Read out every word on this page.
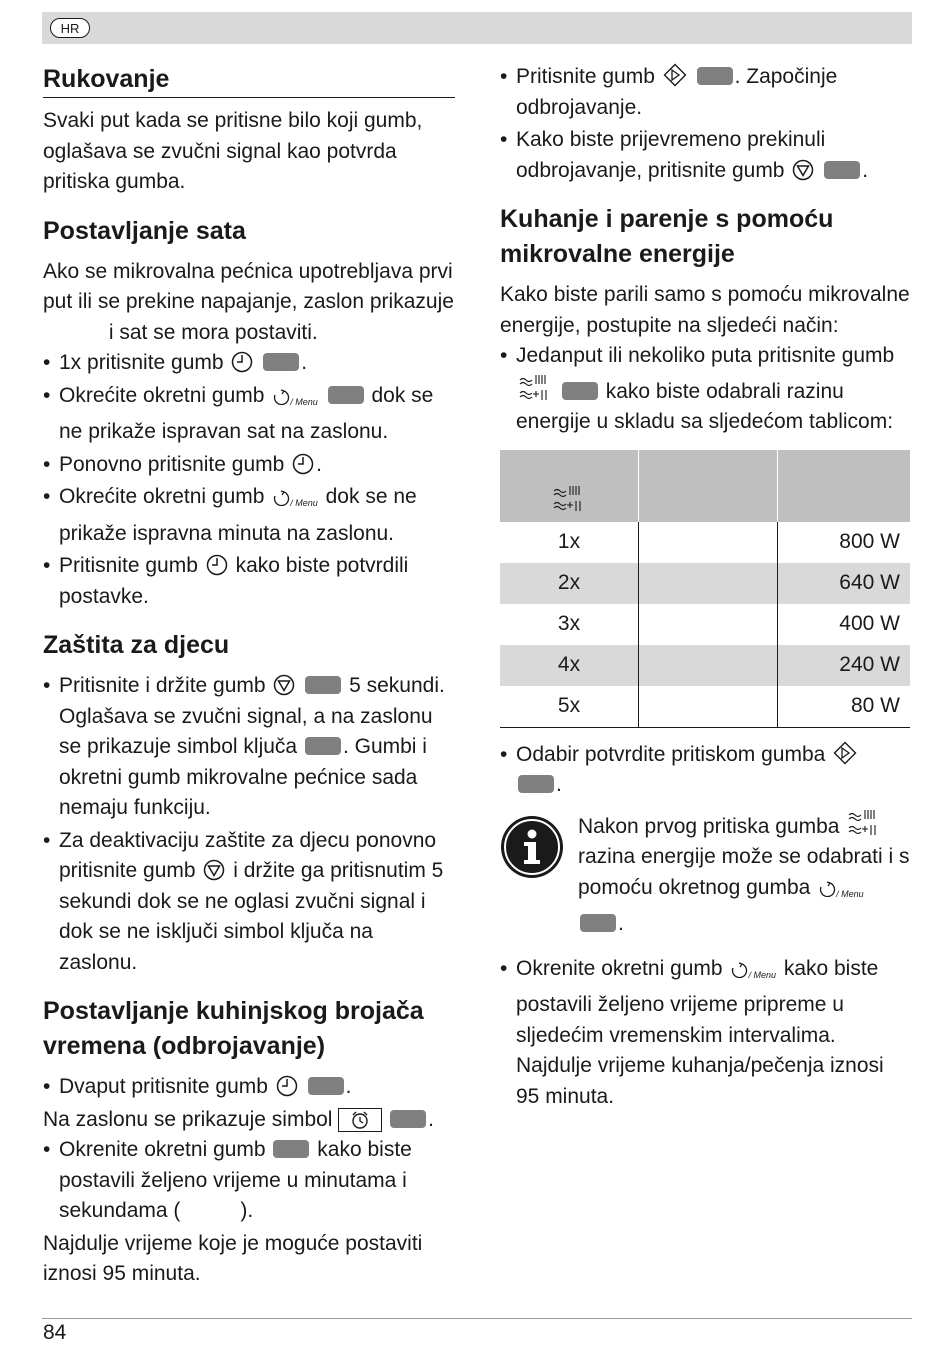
HR
Rukovanje

Svaki put kada se pritisne bilo koji gumb, oglašava se zvučni signal kao potvrda pritiska gumba.

Postavljanje sata

Ako se mikrovalna pećnica upotrebljava prvi put ili se prekine napajanje, zaslon prikazuje  i sat se mora postaviti.

• 1x pritisnite gumb	.
• Okrećite okretni gumb	/ Menu	dok se ne prikaže ispravan sat na zaslonu.
• Ponovno pritisnite gumb .
• Okrećite okretni gumb	/ Menu dok se ne prikaže ispravna minuta na zaslonu.
• Pritisnite gumb kako biste potvrdili postavke.
Zaštita za djecu
• Pritisnite i držite gumb	5 sekundi. Oglašava se zvučni signal, a na zaslonu se prikazuje simbol ključa . Gumbi i okretni gumb mikrovalne pećnice sada nemaju funkciju.
• Za deaktivaciju zaštite za djecu ponovno pritisnite gumb i držite ga pritisnutim 5 sekundi dok se ne oglasi zvučni signal i dok se ne isključi simbol ključa na zaslonu.
Postavljanje kuhinjskog brojača vremena (odbrojavanje)
• Dvaput pritisnite gumb	.

Na zaslonu se prikazuje simbol	.

• Okrenite okretni gumb kako biste postavili željeno vrijeme u minutama i sekundama (	).

Najdulje vrijeme koje je moguće postaviti iznosi 95 minuta.

• Pritisnite gumb	. Započinje odbrojavanje.
• Kako biste prijevremeno prekinuli odbrojavanje, pritisnite gumb	.
Kuhanje i parenje s pomoću mikrovalne energije

Kako biste parili samo s pomoću mikrovalne energije, postupite na sljedeći način:

• Jedanput ili nekoliko puta pritisnite gumb   kako biste odabrali razinu energije u skladu sa sljedećom tablicom:

1x		800 W
2x		640 W
3x		400 W
4x		240 W
5x		80 W
• Odabir potvrdite pritiskom gumba
.

Nakon prvog pritiska gumba  razina energije može se odabrati i s pomoću okretnog gumba	/ Menu
.

• Okrenite okretni gumb	/ Menu kako biste postavili željeno vrijeme pripreme u sljedećim vremenskim intervalima. Najdulje vrijeme kuhanja/pečenja iznosi 95 minuta.
84
